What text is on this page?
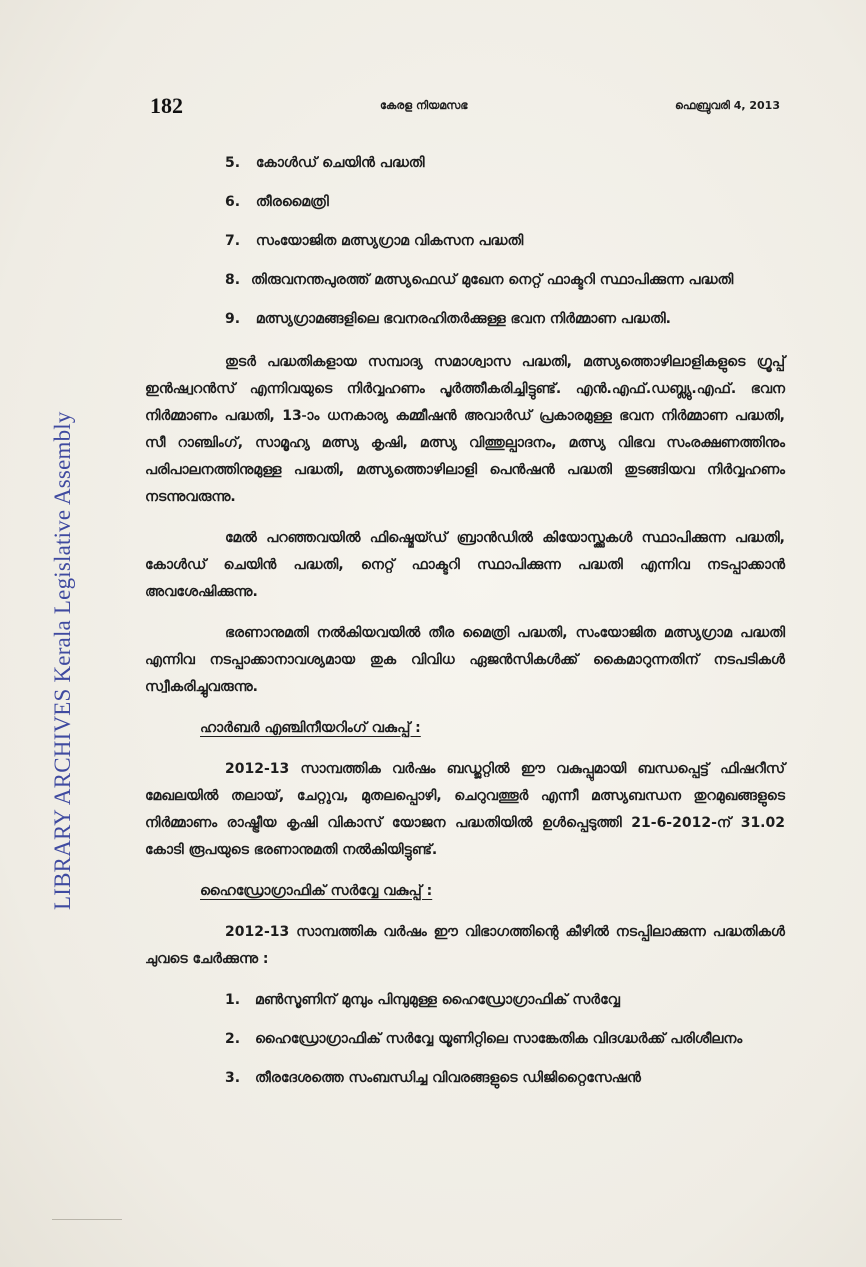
LIBRARY ARCHIVES Kerala Legislative Assembly
182	കേരള നിയമസഭ	ഫെബ്രുവരി 4, 2013
5. കോൾഡ് ചെയിൻ പദ്ധതി
6. തീരമൈത്രി
7. സംയോജിത മത്സ്യഗ്രാമ വികസന പദ്ധതി
8. തിരുവനന്തപുരത്ത് മത്സ്യഫെഡ് മുഖേന നെറ്റ് ഫാക്ടറി സ്ഥാപിക്കുന്ന പദ്ധതി
9. മത്സ്യഗ്രാമങ്ങളിലെ ഭവനരഹിതർക്കുള്ള ഭവന നിർമ്മാണ പദ്ധതി.

തുടർ പദ്ധതികളായ സമ്പാദ്യ സമാശ്വാസ പദ്ധതി, മത്സ്യത്തൊഴിലാളികളുടെ ഗ്രൂപ്പ് ഇൻഷ്വറൻസ് എന്നിവയുടെ നിർവ്വഹണം പൂർത്തീകരിച്ചിട്ടുണ്ട്. എൻ.എഫ്.ഡബ്ല്യു.എഫ്. ഭവന നിർമ്മാണം പദ്ധതി, 13-ാം ധനകാര്യ കമ്മീഷൻ അവാർഡ് പ്രകാരമുള്ള ഭവന നിർമ്മാണ പദ്ധതി, സീ റാഞ്ചിംഗ്, സാമൂഹ്യ മത്സ്യ കൃഷി, മത്സ്യ വിത്തുല്പാദനം, മത്സ്യ വിഭവ സംരക്ഷണത്തിനും പരിപാലനത്തിനുമുള്ള പദ്ധതി, മത്സ്യത്തൊഴിലാളി പെൻഷൻ പദ്ധതി തുടങ്ങിയവ നിർവ്വഹണം നടന്നുവരുന്നു.

മേൽ പറഞ്ഞവയിൽ ഫിഷ്മെയ്ഡ് ബ്രാൻഡിൽ കിയോസ്ക്കുകൾ സ്ഥാപിക്കുന്ന പദ്ധതി, കോൾഡ് ചെയിൻ പദ്ധതി, നെറ്റ് ഫാക്ടറി സ്ഥാപിക്കുന്ന പദ്ധതി എന്നിവ നടപ്പാക്കാൻ അവശേഷിക്കുന്നു.

ഭരണാനുമതി നൽകിയവയിൽ തീര മൈത്രി പദ്ധതി, സംയോജിത മത്സ്യഗ്രാമ പദ്ധതി എന്നിവ നടപ്പാക്കാനാവശ്യമായ തുക വിവിധ ഏജൻസികൾക്ക് കൈമാറുന്നതിന് നടപടികൾ സ്വീകരിച്ചുവരുന്നു.

ഹാർബർ എഞ്ചിനീയറിംഗ് വകുപ്പ് :

2012-13 സാമ്പത്തിക വർഷം ബഡ്ജറ്റിൽ ഈ വകുപ്പുമായി ബന്ധപ്പെട്ട് ഫിഷറീസ് മേഖലയിൽ തലായ്, ചേറ്റുവ, മുതലപ്പൊഴി, ചെറുവത്തൂർ എന്നീ മത്സ്യബന്ധന തുറമുഖങ്ങളുടെ നിർമ്മാണം രാഷ്ട്രീയ കൃഷി വികാസ് യോജന പദ്ധതിയിൽ ഉൾപ്പെടുത്തി 21-6-2012-ന് 31.02 കോടി രൂപയുടെ ഭരണാനുമതി നൽകിയിട്ടുണ്ട്.

ഹൈഡ്രോഗ്രാഫിക് സർവ്വേ വകുപ്പ് :

2012-13 സാമ്പത്തിക വർഷം ഈ വിഭാഗത്തിന്റെ കീഴിൽ നടപ്പിലാക്കുന്ന പദ്ധതികൾ ചുവടെ ചേർക്കുന്നു :

1.	മൺസൂണിന് മുമ്പും പിമ്പുമുള്ള ഹൈഡ്രോഗ്രാഫിക് സർവ്വേ
2.	ഹൈഡ്രോഗ്രാഫിക് സർവ്വേ യൂണിറ്റിലെ സാങ്കേതിക വിദഗ്ദ്ധർക്ക് പരിശീലനം
3.	തീരദേശത്തെ സംബന്ധിച്ച വിവരങ്ങളുടെ ഡിജിറ്റൈസേഷൻ
